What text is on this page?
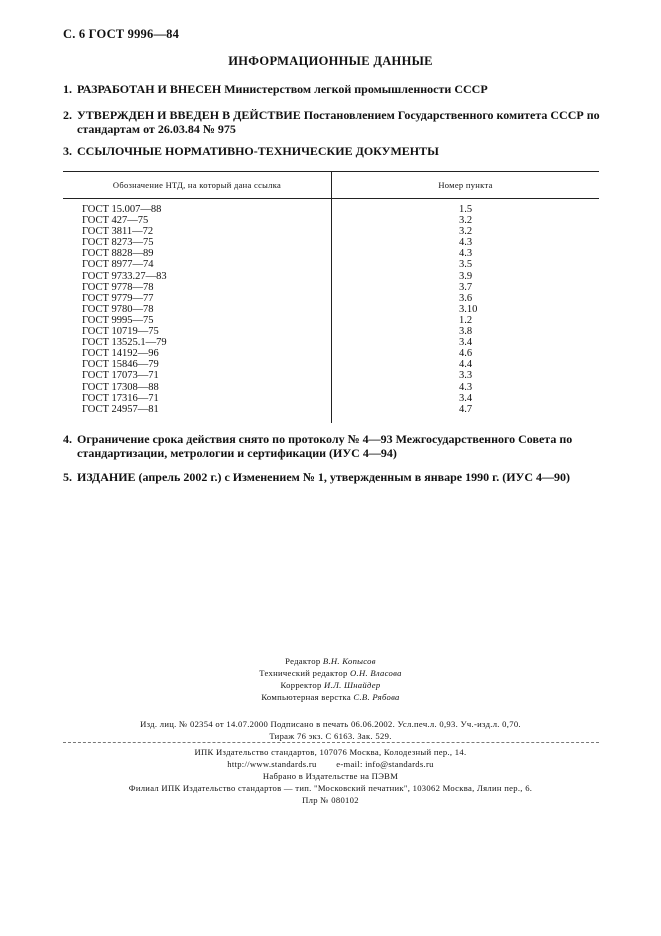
С. 6 ГОСТ 9996—84
ИНФОРМАЦИОННЫЕ ДАННЫЕ
1. РАЗРАБОТАН И ВНЕСЕН Министерством легкой промышленности СССР
2. УТВЕРЖДЕН И ВВЕДЕН В ДЕЙСТВИЕ Постановлением Государственного комитета СССР по
стандартам от 26.03.84 № 975
3. ССЫЛОЧНЫЕ НОРМАТИВНО-ТЕХНИЧЕСКИЕ ДОКУМЕНТЫ
Обозначение НТД, на который дана ссылка	Номер пункта

ГОСТ 15.007—88	1.5
ГОСТ 427—75	3.2
ГОСТ 3811—72	3.2
ГОСТ 8273—75	4.3
ГОСТ 8828—89	4.3
ГОСТ 8977—74	3.5
ГОСТ 9733.27—83	3.9
ГОСТ 9778—78	3.7
ГОСТ 9779—77	3.6
ГОСТ 9780—78	3.10
ГОСТ 9995—75	1.2
ГОСТ 10719—75	3.8
ГОСТ 13525.1—79	3.4
ГОСТ 14192—96	4.6
ГОСТ 15846—79	4.4
ГОСТ 17073—71	3.3
ГОСТ 17308—88	4.3
ГОСТ 17316—71	3.4
ГОСТ 24957—81	4.7

4. Ограничение срока действия снято по протоколу № 4—93 Межгосударственного Совета по
стандартизации, метрологии и сертификации (ИУС 4—94)
5. ИЗДАНИЕ (апрель 2002 г.) с Изменением № 1, утвержденным в январе 1990 г. (ИУС 4—90)
Редактор В.Н. Копысов
Технический редактор О.Н. Власова
Корректор И.Л. Шнайдер
Компьютерная верстка С.В. Рябова
Изд. лиц. № 02354 от 14.07.2000 Подписано в печать 06.06.2002. Усл.печ.л. 0,93. Уч.-изд.л. 0,70.
Тираж 76 экз. С 6163. Зак. 529.
ИПК Издательство стандартов, 107076 Москва, Колодезный пер., 14.
http://www.standards.ru e-mail: info@standards.ru
Набрано в Издательстве на ПЭВМ
Филиал ИПК Издательство стандартов — тип. "Московский печатник", 103062 Москва, Лялин пер., 6.
Плр № 080102
